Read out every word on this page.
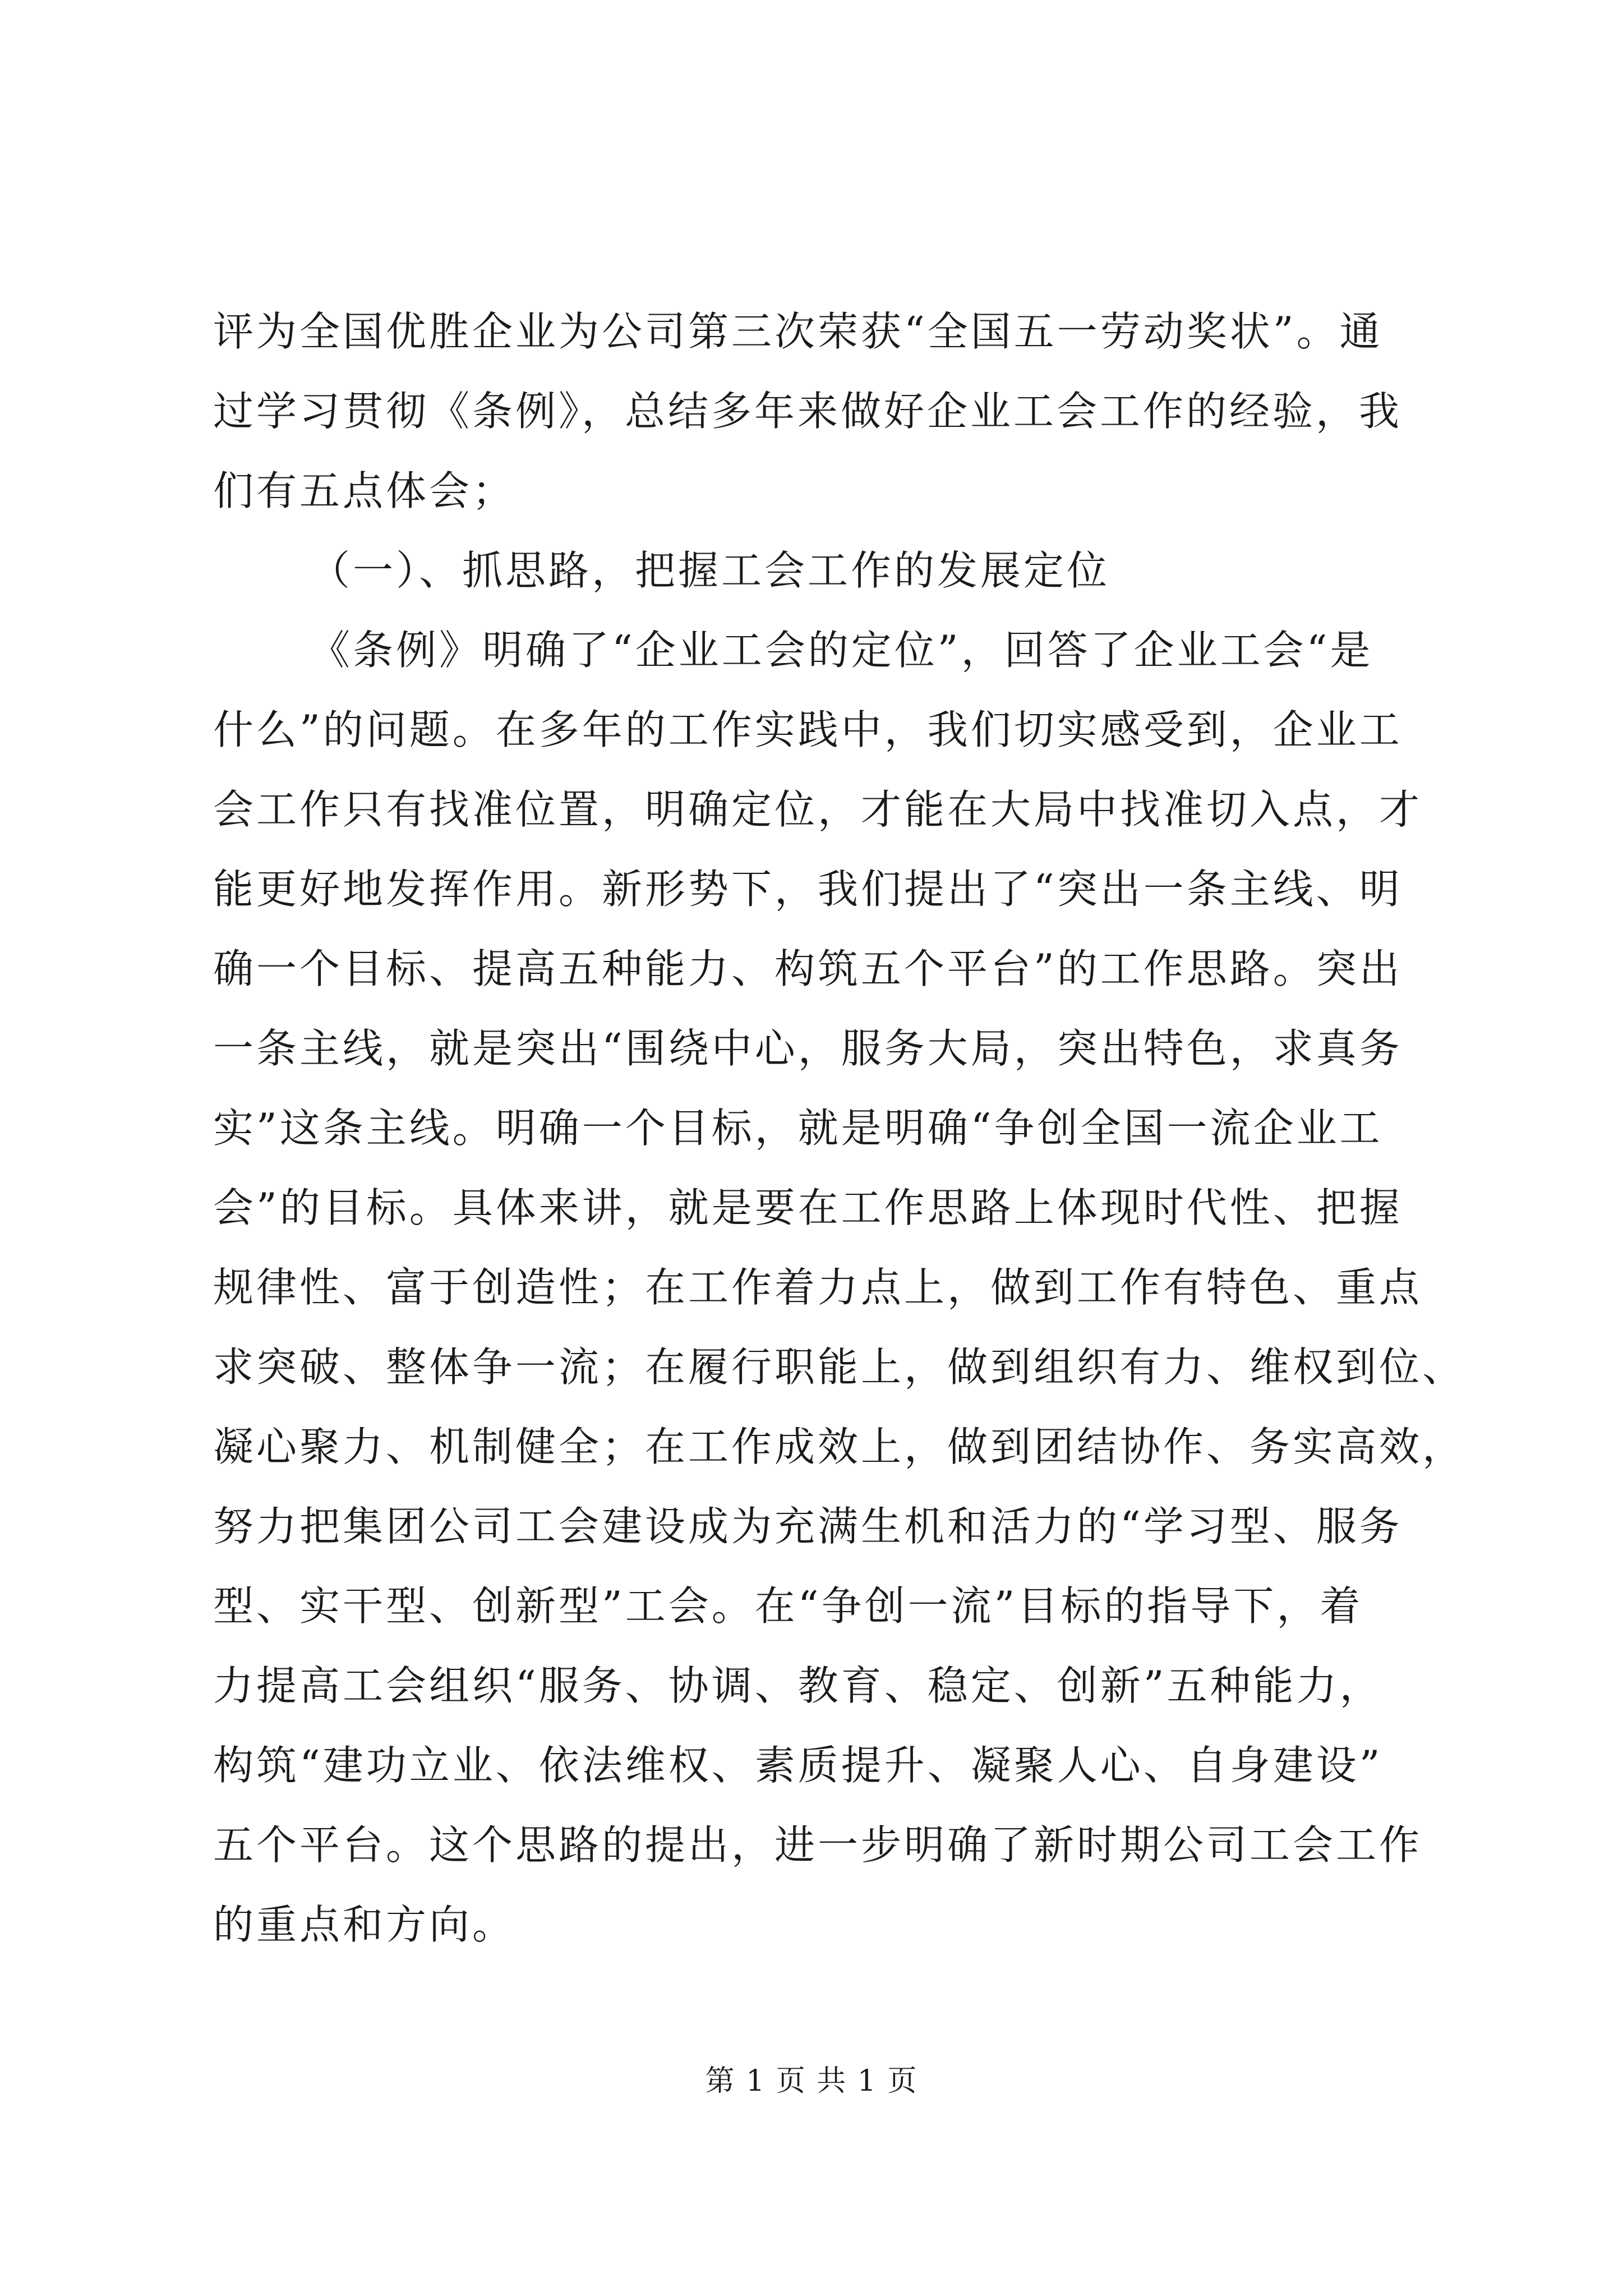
评为全国优胜企业为公司第三次荣获“全国五一劳动奖状”。通
过学习贯彻《条例》，总结多年来做好企业工会工作的经验，我
们有五点体会；
（一）、抓思路，把握工会工作的发展定位
《条例》明确了“企业工会的定位”，回答了企业工会“是
什么”的问题。在多年的工作实践中，我们切实感受到，企业工
会工作只有找准位置，明确定位，才能在大局中找准切入点，才
能更好地发挥作用。新形势下，我们提出了“突出一条主线、明
确一个目标、提高五种能力、构筑五个平台”的工作思路。突出
一条主线，就是突出“围绕中心，服务大局，突出特色，求真务
实”这条主线。明确一个目标，就是明确“争创全国一流企业工
会”的目标。具体来讲，就是要在工作思路上体现时代性、把握
规律性、富于创造性；在工作着力点上，做到工作有特色、重点
求突破、整体争一流；在履行职能上，做到组织有力、维权到位、
凝心聚力、机制健全；在工作成效上，做到团结协作、务实高效，
努力把集团公司工会建设成为充满生机和活力的“学习型、服务
型、实干型、创新型”工会。在“争创一流”目标的指导下，着
力提高工会组织“服务、协调、教育、稳定、创新”五种能力，
构筑“建功立业、依法维权、素质提升、凝聚人心、自身建设”
五个平台。这个思路的提出，进一步明确了新时期公司工会工作
的重点和方向。
第 1 页 共 1 页
